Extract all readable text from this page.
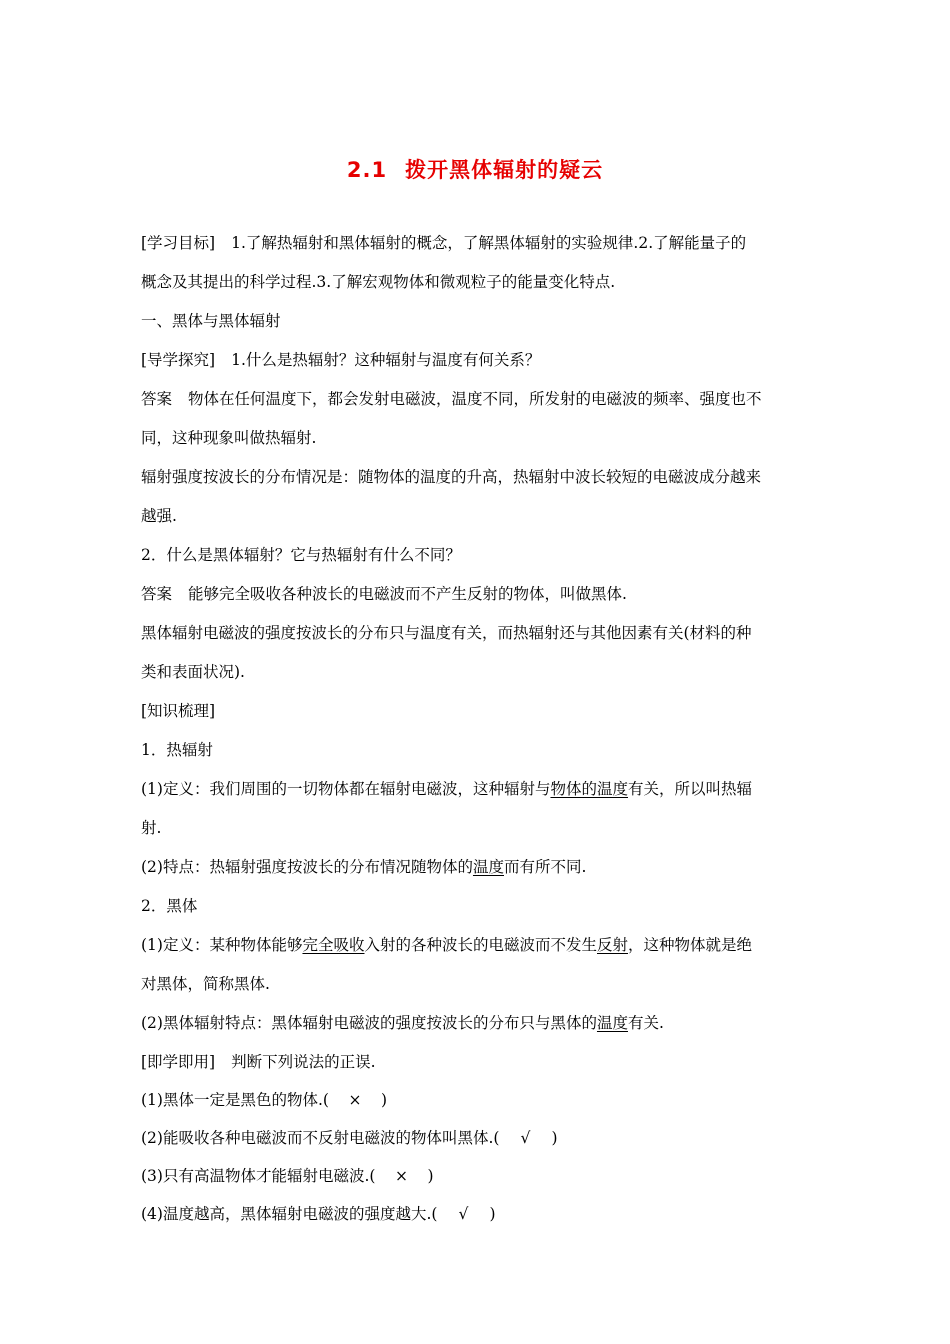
2.1 拨开黑体辐射的疑云
[学习目标] 1.了解热辐射和黑体辐射的概念，了解黑体辐射的实验规律.2.了解能量子的
概念及其提出的科学过程.3.了解宏观物体和微观粒子的能量变化特点.
一、黑体与黑体辐射
[导学探究] 1.什么是热辐射？这种辐射与温度有何关系？
答案 物体在任何温度下，都会发射电磁波，温度不同，所发射的电磁波的频率、强度也不
同，这种现象叫做热辐射.
辐射强度按波长的分布情况是：随物体的温度的升高，热辐射中波长较短的电磁波成分越来
越强.
2．什么是黑体辐射？它与热辐射有什么不同？
答案 能够完全吸收各种波长的电磁波而不产生反射的物体，叫做黑体.
黑体辐射电磁波的强度按波长的分布只与温度有关，而热辐射还与其他因素有关(材料的种
类和表面状况).
[知识梳理]
1．热辐射
(1)定义：我们周围的一切物体都在辐射电磁波，这种辐射与物体的温度有关，所以叫热辐
射.
(2)特点：热辐射强度按波长的分布情况随物体的温度而有所不同.
2．黑体
(1)定义：某种物体能够完全吸收入射的各种波长的电磁波而不发生反射，这种物体就是绝
对黑体，简称黑体.
(2)黑体辐射特点：黑体辐射电磁波的强度按波长的分布只与黑体的温度有关.
[即学即用] 判断下列说法的正误.
(1)黑体一定是黑色的物体.( × )
(2)能吸收各种电磁波而不反射电磁波的物体叫黑体.( √ )
(3)只有高温物体才能辐射电磁波.( × )
(4)温度越高，黑体辐射电磁波的强度越大.( √ )
